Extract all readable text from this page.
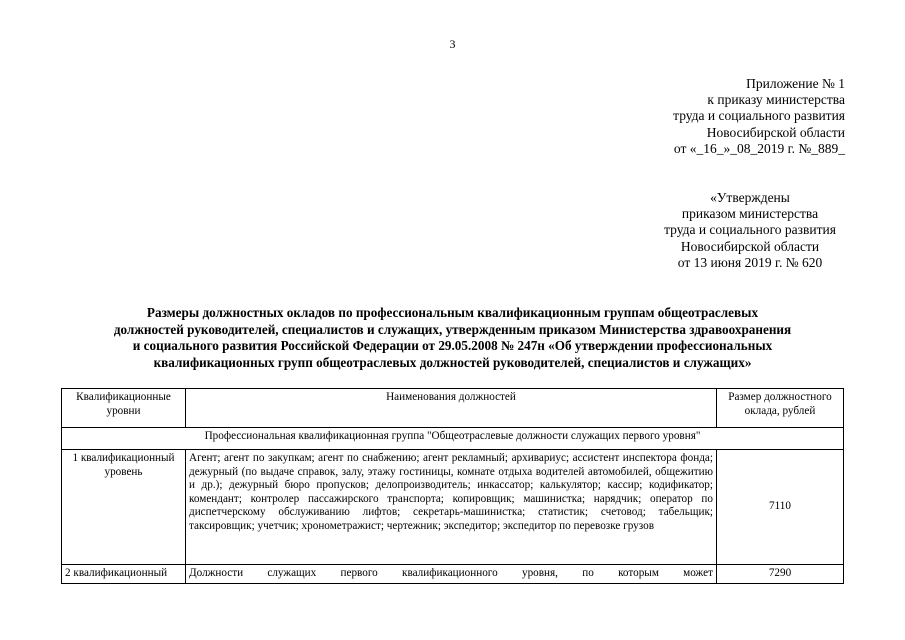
3
Приложение № 1
к приказу министерства
труда и социального развития
Новосибирской области
от «_16_»_08_2019 г. №_889_
«Утверждены
приказом министерства
труда и социального развития
Новосибирской области
от 13 июня 2019 г. № 620
Размеры должностных окладов по профессиональным квалификационным группам общеотраслевых
должностей руководителей, специалистов и служащих, утвержденным приказом Министерства здравоохранения
и социального развития Российской Федерации от 29.05.2008 № 247н «Об утверждении профессиональных
квалификационных групп общеотраслевых должностей руководителей, специалистов и служащих»
Квалификационные уровни	Наименования должностей	Размер должностного оклада, рублей
Профессиональная квалификационная группа "Общеотраслевые должности служащих первого уровня"		
1 квалификационный уровень	Агент; агент по закупкам; агент по снабжению; агент рекламный; архивариус; ассистент инспектора фонда; дежурный (по выдаче справок, залу, этажу гостиницы, комнате отдыха водителей автомобилей, общежитию и др.); дежурный бюро пропусков; делопроизводитель; инкассатор; калькулятор; кассир; кодификатор; комендант; контролер пассажирского транспорта; копировщик; машинистка; нарядчик; оператор по диспетчерскому обслуживанию лифтов; секретарь-машинистка; статистик; счетовод; табельщик; таксировщик; учетчик; хронометражист; чертежник; экспедитор; экспедитор по перевозке грузов	7110
2 квалификационный	Должности служащих первого квалификационного уровня, по которым может	7290
